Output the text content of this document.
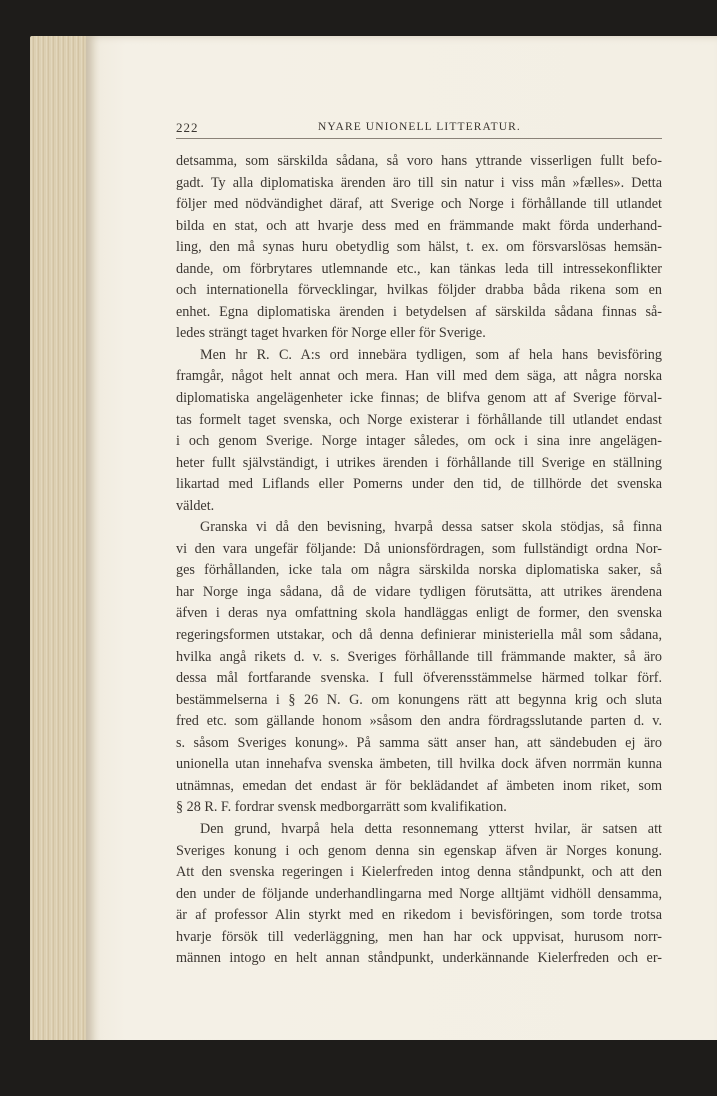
222	NYARE UNIONELL LITTERATUR.
detsamma, som särskilda sådana, så voro hans yttrande visserligen fullt befo-
gadt. Ty alla diplomatiska ärenden äro till sin natur i viss mån »fælles». Detta
följer med nödvändighet däraf, att Sverige och Norge i förhållande till utlandet
bilda en stat, och att hvarje dess med en främmande makt förda underhand-
ling, den må synas huru obetydlig som hälst, t. ex. om försvarslösas hemsän-
dande, om förbrytares utlemnande etc., kan tänkas leda till intressekonflikter
och internationella förvecklingar, hvilkas följder drabba båda rikena som en
enhet. Egna diplomatiska ärenden i betydelsen af särskilda sådana finnas så-
ledes strängt taget hvarken för Norge eller för Sverige.
Men hr R. C. A:s ord innebära tydligen, som af hela hans bevisföring
framgår, något helt annat och mera. Han vill med dem säga, att några norska
diplomatiska angelägenheter icke finnas; de blifva genom att af Sverige förval-
tas formelt taget svenska, och Norge existerar i förhållande till utlandet endast
i och genom Sverige. Norge intager således, om ock i sina inre angelägen-
heter fullt självständigt, i utrikes ärenden i förhållande till Sverige en ställning
likartad med Liflands eller Pomerns under den tid, de tillhörde det svenska
väldet.
Granska vi då den bevisning, hvarpå dessa satser skola stödjas, så finna
vi den vara ungefär följande: Då unionsfördragen, som fullständigt ordna Nor-
ges förhållanden, icke tala om några särskilda norska diplomatiska saker, så
har Norge inga sådana, då de vidare tydligen förutsätta, att utrikes ärendena
äfven i deras nya omfattning skola handläggas enligt de former, den svenska
regeringsformen utstakar, och då denna definierar ministeriella mål som sådana,
hvilka angå rikets d. v. s. Sveriges förhållande till främmande makter, så äro
dessa mål fortfarande svenska. I full öfverensstämmelse härmed tolkar förf.
bestämmelserna i § 26 N. G. om konungens rätt att begynna krig och sluta
fred etc. som gällande honom »såsom den andra fördragsslutande parten d. v.
s. såsom Sveriges konung». På samma sätt anser han, att sändebuden ej äro
unionella utan innehafva svenska ämbeten, till hvilka dock äfven norrmän kunna
utnämnas, emedan det endast är för beklädandet af ämbeten inom riket, som
§ 28 R. F. fordrar svensk medborgarrätt som kvalifikation.
Den grund, hvarpå hela detta resonnemang ytterst hvilar, är satsen att
Sveriges konung i och genom denna sin egenskap äfven är Norges konung.
Att den svenska regeringen i Kielerfreden intog denna ståndpunkt, och att den
den under de följande underhandlingarna med Norge alltjämt vidhöll densamma,
är af professor Alin styrkt med en rikedom i bevisföringen, som torde trotsa
hvarje försök till vederläggning, men han har ock uppvisat, hurusom norr-
männen intogo en helt annan ståndpunkt, underkännande Kielerfreden och er-
